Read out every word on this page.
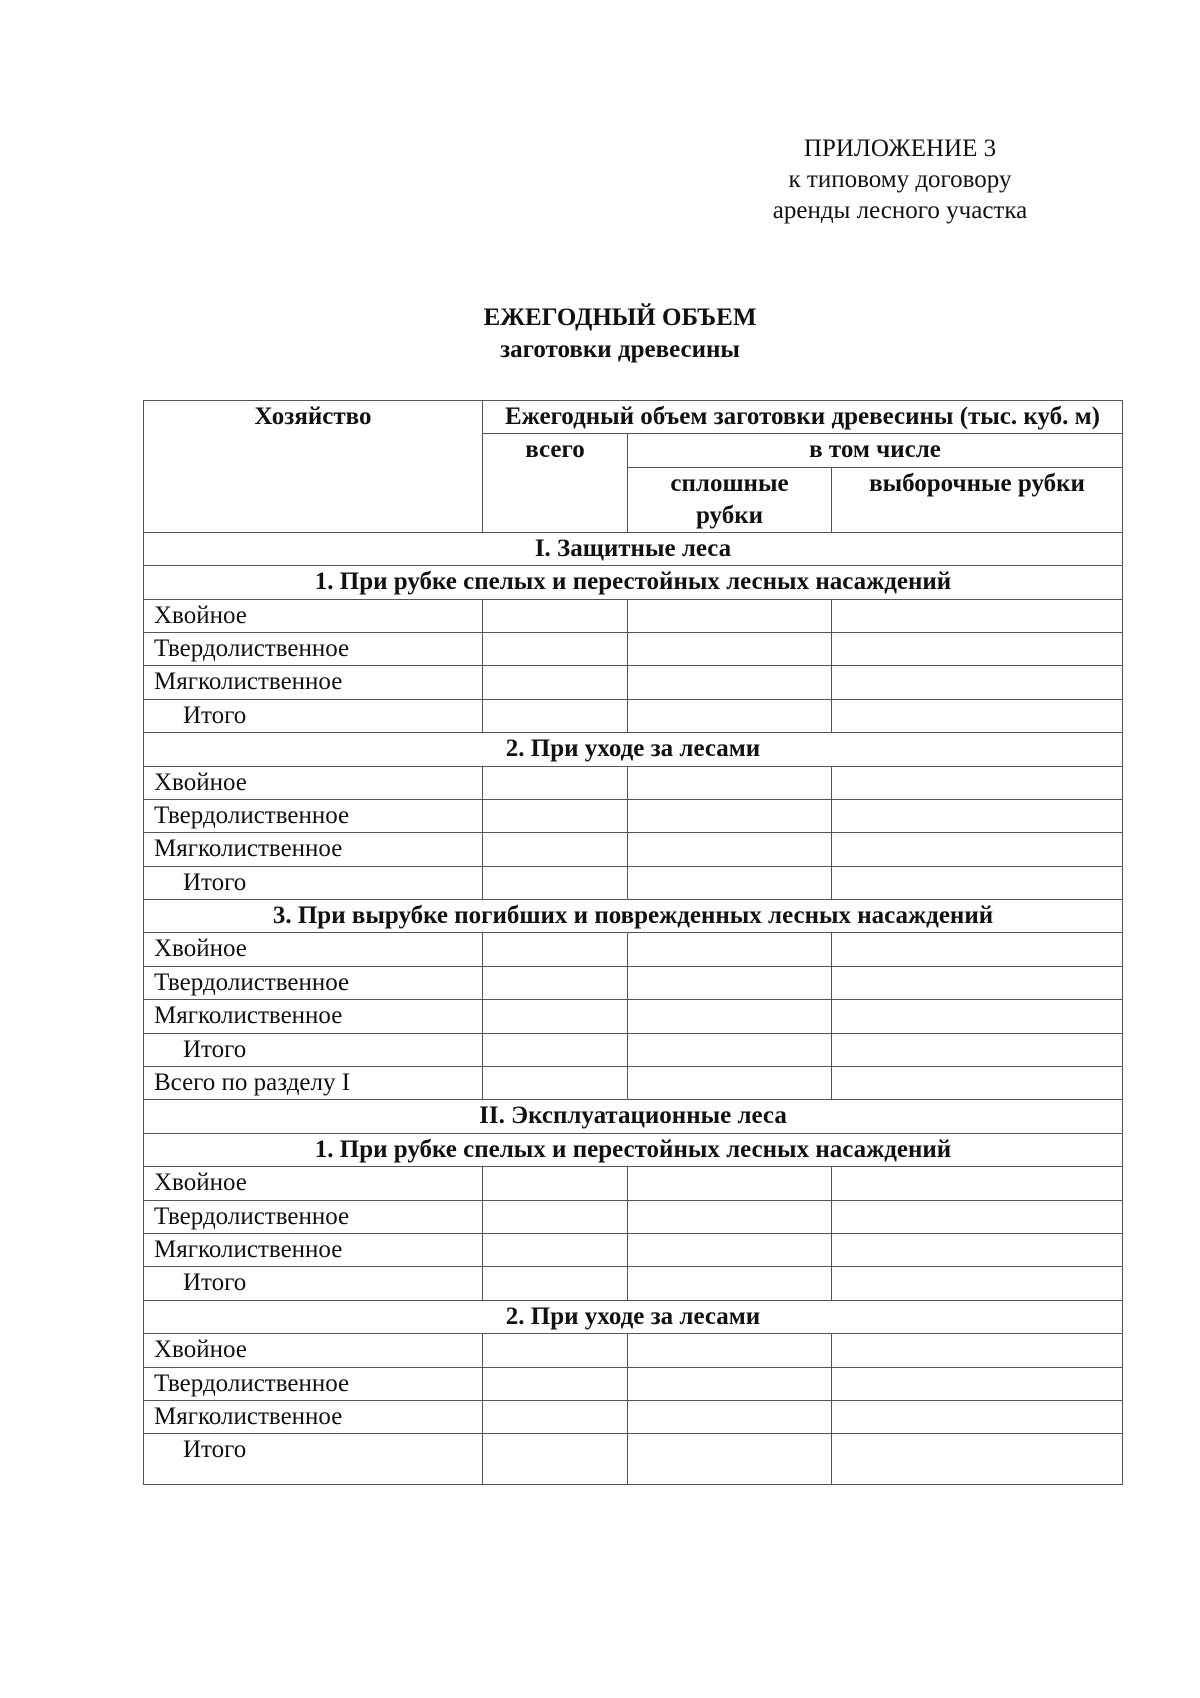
ПРИЛОЖЕНИЕ 3
к типовому договору
аренды лесного участка
ЕЖЕГОДНЫЙ ОБЪЕМ
заготовки древесины
Хозяйство	Ежегодный объем заготовки древесины (тыс. куб. м)		

	всего	в том числе	
		сплошные рубки	выборочные рубки
I. Защитные леса			
1. При рубке спелых и перестойных лесных насаждений			
Хвойное			
Твердолиственное			
Мягколиственное			
Итого			
2. При уходе за лесами			
Хвойное			
Твердолиственное			
Мягколиственное			
Итого			
3. При вырубке погибших и поврежденных лесных насаждений			
Хвойное			
Твердолиственное			
Мягколиственное			
Итого			
Всего по разделу I			
II. Эксплуатационные леса			
1. При рубке спелых и перестойных лесных насаждений			
Хвойное			
Твердолиственное			
Мягколиственное			
Итого			
2. При уходе за лесами			
Хвойное			
Твердолиственное			
Мягколиственное			
Итого			
